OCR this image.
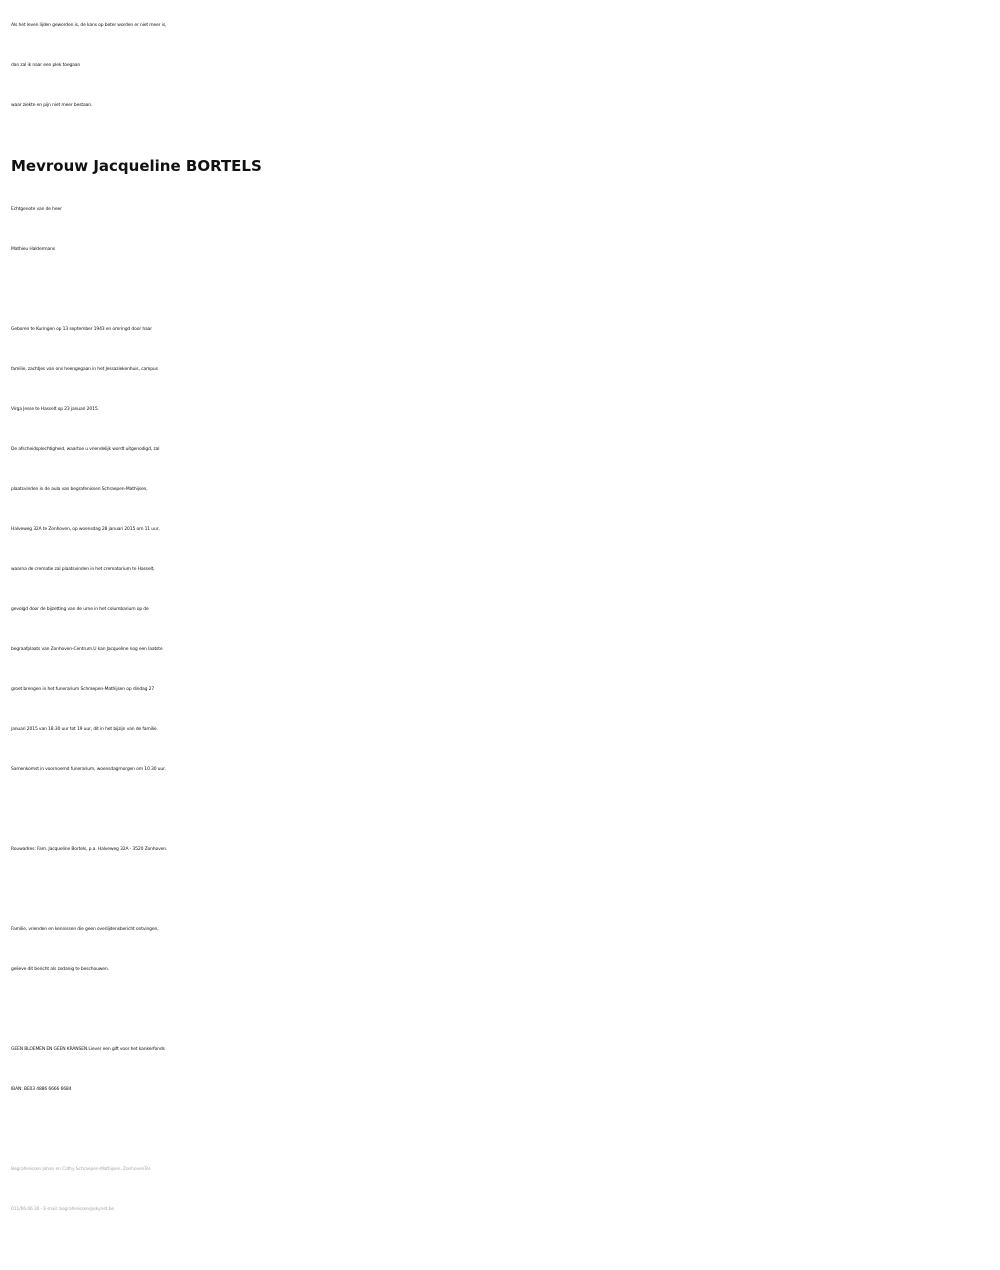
Als het leven lijden geworden is, de kans op beter worden er niet meer is,
dan zal ik naar een plek toegaan
waar ziekte en pijn niet meer bestaan.
Mevrouw Jacqueline BORTELS
Echtgenote van de heer
Mathieu Haldermans
Geboren te Kuringen op 13 september 1943 en omringd door haar
familie, zachtjes van ons heengegaan in het Jessaziekenhuis, campus
Virga Jesse te Hasselt op 23 januari 2015.
De afscheidsplechtigheid, waartoe u vriendelijk wordt uitgenodigd, zal
plaatsvinden in de aula van begrafenissen Schraepen-Mathijsen,
Halveweg 32A te Zonhoven, op woensdag 28 januari 2015 om 11 uur,
waarna de crematie zal plaatsvinden in het crematorium te Hasselt,
gevolgd door de bijzetting van de urne in het columbarium op de
begraafplaats van Zonhoven-Centrum.U kan Jacqueline nog een laatste
groet brengen in het funerarium Schraepen-Mathijsen op dindag 27
januari 2015 van 18.30 uur tot 19 uur, dit in het bijzijn van de familie.
Samenkomst in voornoemd funerarium, woensdagmorgen om 10.30 uur.
Rouwadres: Fam. Jacqueline Bortels, p.a. Halveweg 32A - 3520 Zonhoven.
Familie, vrienden en kennissen die geen overlijdensbericht ontvingen,
gelieve dit bericht als zodanig te beschouwen.
GEEN BLOEMEN EN GEEN KRANSEN.Liever een gift voor het kankerfonds
IBAN: BE03 4886 6666 6684
Begrafenissen Johan en Cathy Schraepen-Mathijsen, ZonhovenTel.
011/66.66.30 - E-mail: begrafenissen@skynet.be
